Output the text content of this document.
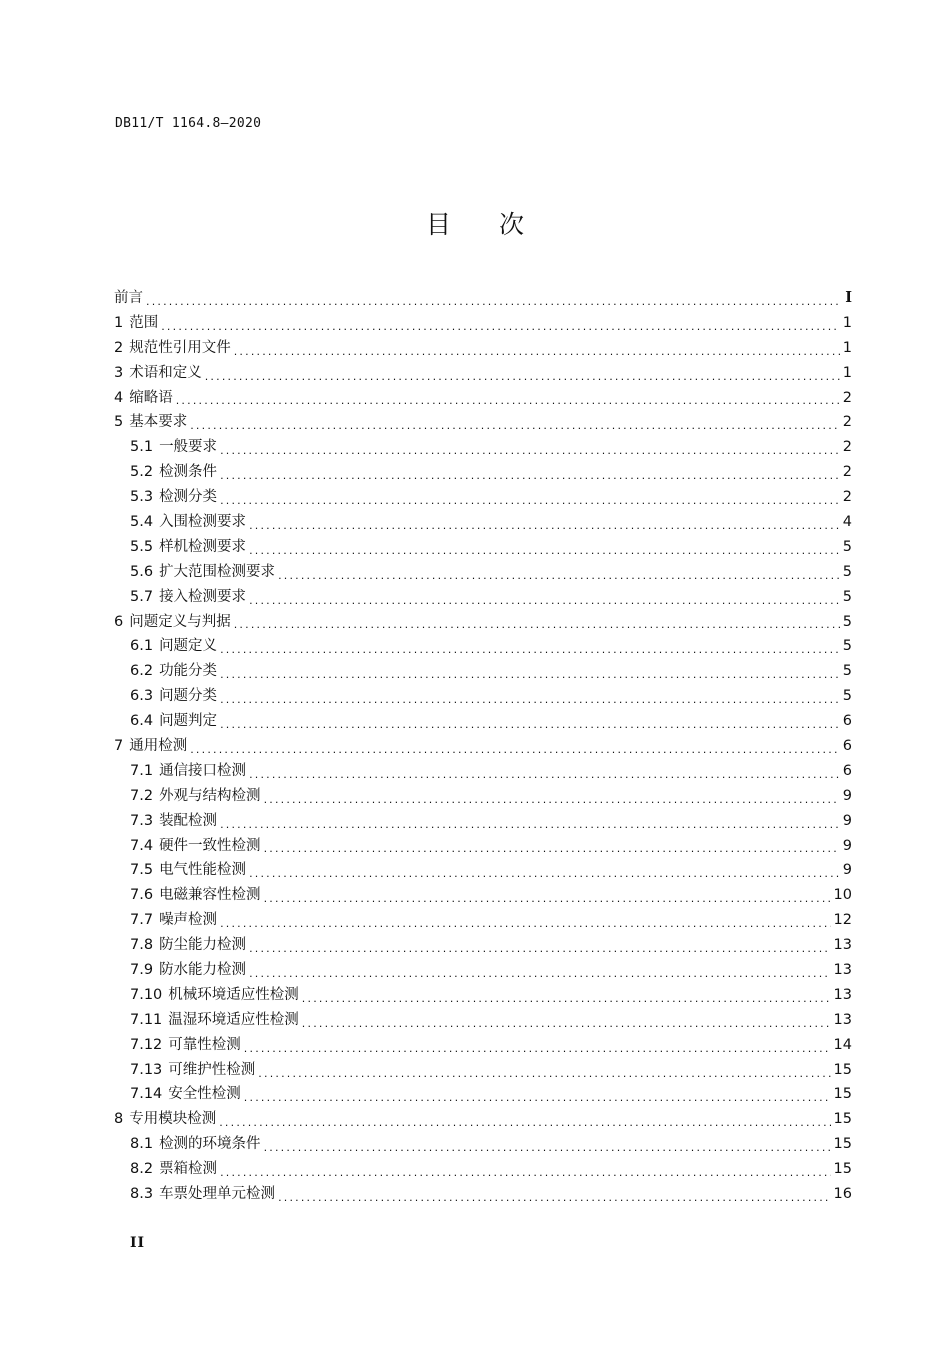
DB11/T 1164.8—2020
目次
前言 .....	I
1 范围 .....	1
2 规范性引用文件 .....	1
3 术语和定义 .....	1
4 缩略语 .....	2
5 基本要求 .....	2
5.1 一般要求 .....	2
5.2 检测条件 .....	2
5.3 检测分类 .....	2
5.4 入围检测要求 .....	4
5.5 样机检测要求 .....	5
5.6 扩大范围检测要求 .....	5
5.7 接入检测要求 .....	5
6 问题定义与判据 .....	5
6.1 问题定义 .....	5
6.2 功能分类 .....	5
6.3 问题分类 .....	5
6.4 问题判定 .....	6
7 通用检测 .....	6
7.1 通信接口检测 .....	6
7.2 外观与结构检测 .....	9
7.3 装配检测 .....	9
7.4 硬件一致性检测 .....	9
7.5 电气性能检测 .....	9
7.6 电磁兼容性检测 .....	10
7.7 噪声检测 .....	12
7.8 防尘能力检测 .....	13
7.9 防水能力检测 .....	13
7.10 机械环境适应性检测 .....	13
7.11 温湿环境适应性检测 .....	13
7.12 可靠性检测 .....	14
7.13 可维护性检测 .....	15
7.14 安全性检测 .....	15
8 专用模块检测 .....	15
8.1 检测的环境条件 .....	15
8.2 票箱检测 .....	15
8.3 车票处理单元检测 .....	16
II
